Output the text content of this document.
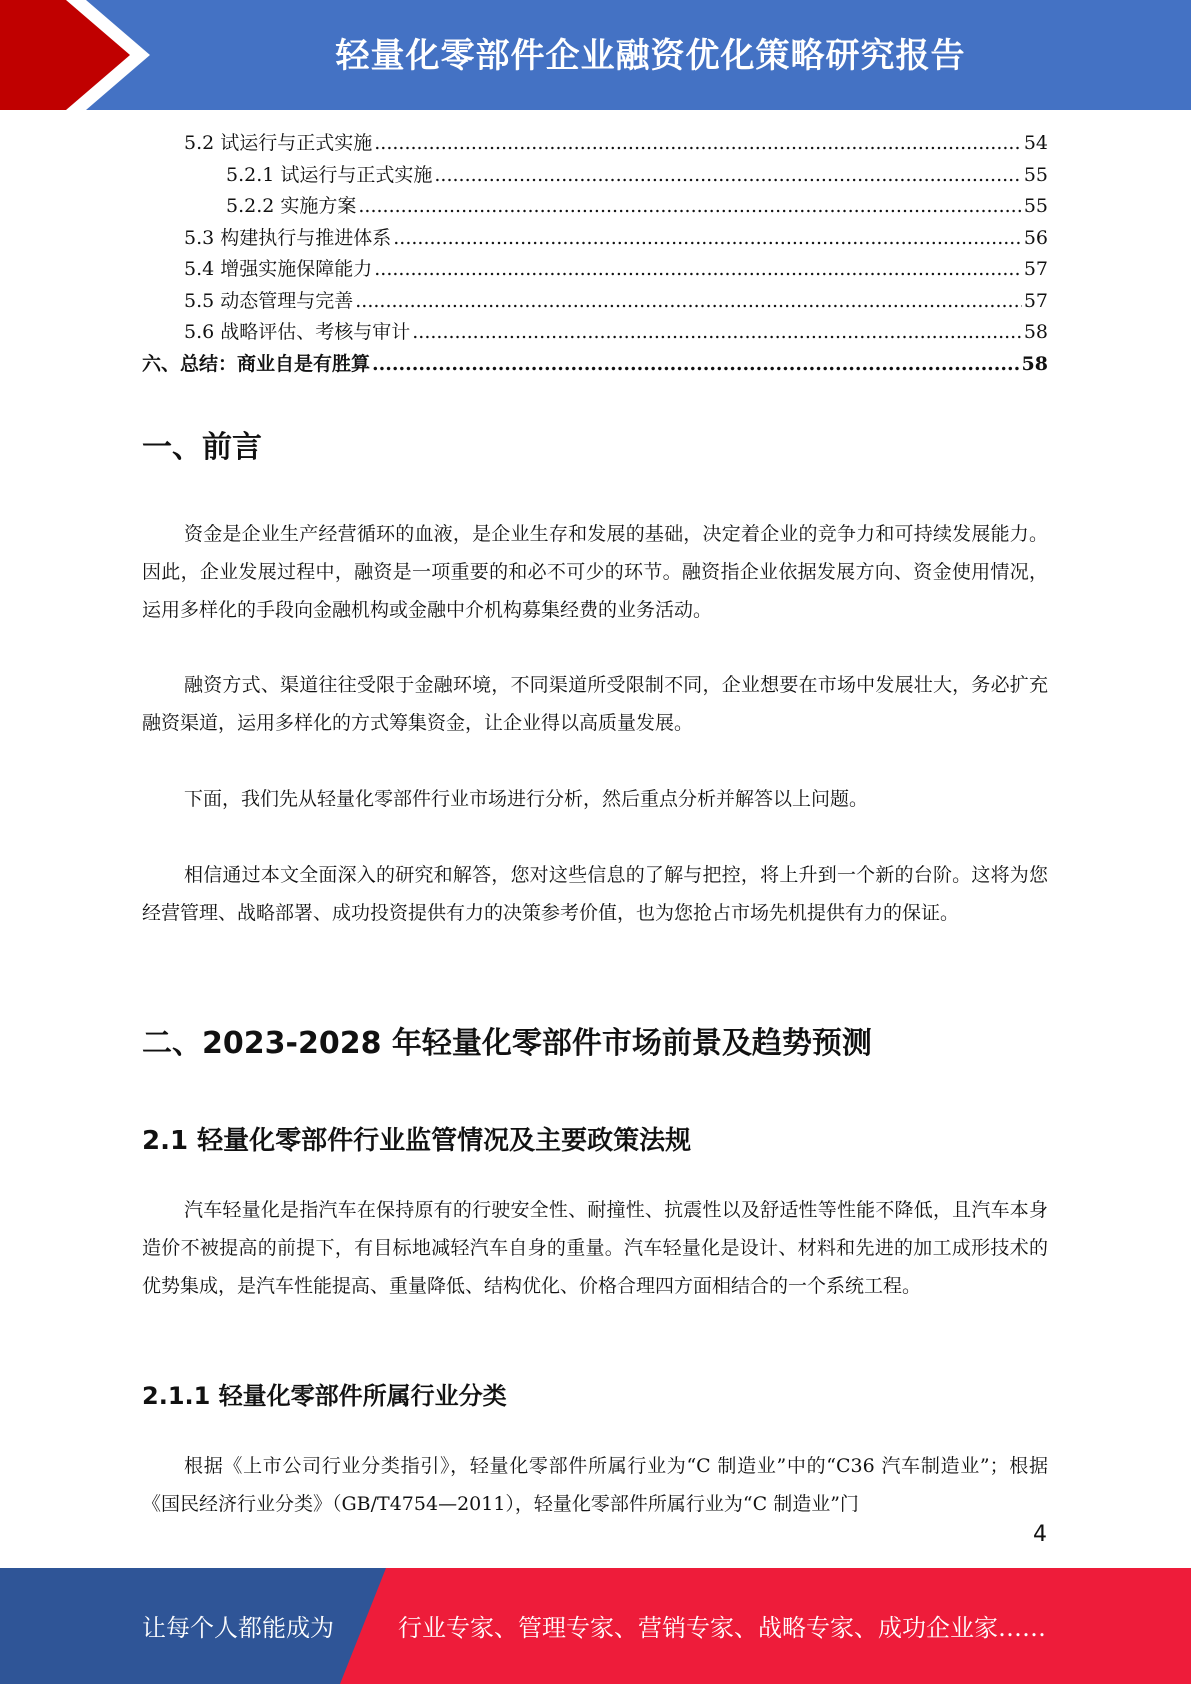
轻量化零部件企业融资优化策略研究报告
5.2 试运行与正式实施 .....	54
5.2.1 试运行与正式实施 .....	55
5.2.2 实施方案 .....	55
5.3 构建执行与推进体系 .....	56
5.4 增强实施保障能力 .....	57
5.5 动态管理与完善 .....	57
5.6 战略评估、考核与审计 .....	58
六、总结：商业自是有胜算 .....	58
一、前言

资金是企业生产经营循环的血液，是企业生存和发展的基础，决定着企业的竞争力和可持续发展能力。因此，企业发展过程中，融资是一项重要的和必不可少的环节。融资指企业依据发展方向、资金使用情况，运用多样化的手段向金融机构或金融中介机构募集经费的业务活动。

融资方式、渠道往往受限于金融环境，不同渠道所受限制不同，企业想要在市场中发展壮大，务必扩充融资渠道，运用多样化的方式筹集资金，让企业得以高质量发展。

下面，我们先从轻量化零部件行业市场进行分析，然后重点分析并解答以上问题。

相信通过本文全面深入的研究和解答，您对这些信息的了解与把控，将上升到一个新的台阶。这将为您经营管理、战略部署、成功投资提供有力的决策参考价值，也为您抢占市场先机提供有力的保证。

二、2023-2028 年轻量化零部件市场前景及趋势预测
2.1 轻量化零部件行业监管情况及主要政策法规

汽车轻量化是指汽车在保持原有的行驶安全性、耐撞性、抗震性以及舒适性等性能不降低，且汽车本身造价不被提高的前提下，有目标地减轻汽车自身的重量。汽车轻量化是设计、材料和先进的加工成形技术的优势集成，是汽车性能提高、重量降低、结构优化、价格合理四方面相结合的一个系统工程。

2.1.1 轻量化零部件所属行业分类

根据《上市公司行业分类指引》，轻量化零部件所属行业为“C 制造业”中的“C36 汽车制造业”；根据《国民经济行业分类》（GB/T4754—2011），轻量化零部件所属行业为“C 制造业”门

4
让每个人都能成为	行业专家、管理专家、营销专家、战略专家、成功企业家……
